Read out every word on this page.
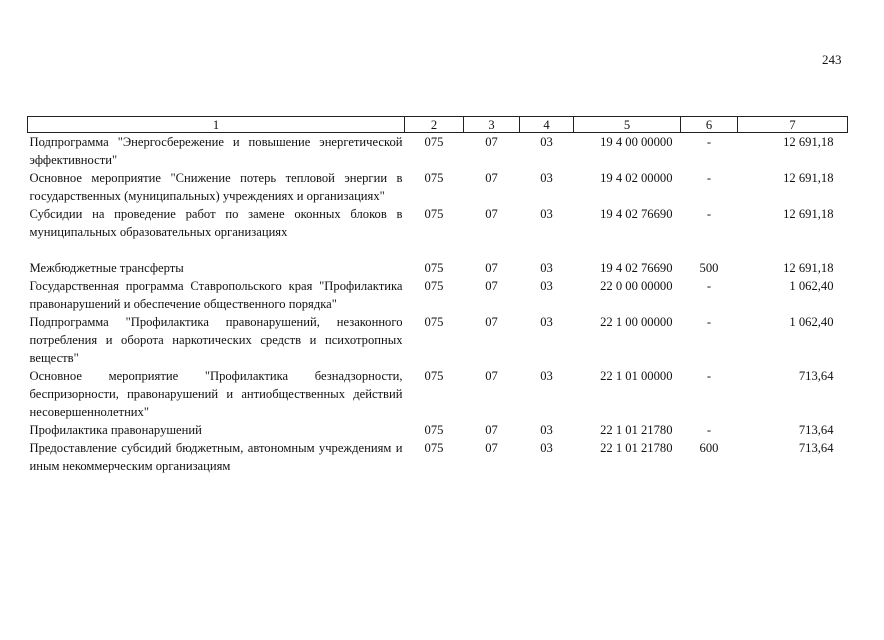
243
1	2	3	4	5	6	7
Подпрограмма "Энергосбережение и повышение энергетической эффективности"	075	07	03	19 4 00 00000	-	12 691,18
Основное мероприятие "Снижение потерь тепловой энергии в государственных (муниципальных) учреждениях и организациях"	075	07	03	19 4 02 00000	-	12 691,18
Субсидии на проведение работ по замене оконных блоков в муниципальных образовательных организациях	075	07	03	19 4 02 76690	-	12 691,18
Межбюджетные трансферты	075	07	03	19 4 02 76690	500	12 691,18
Государственная программа Ставропольского края "Профилактика правонарушений и обеспечение общественного порядка"	075	07	03	22 0 00 00000	-	1 062,40
Подпрограмма "Профилактика правонарушений, незаконного потребления и оборота наркотических средств и психотропных веществ"	075	07	03	22 1 00 00000	-	1 062,40
Основное мероприятие "Профилактика безнадзорности, беспризорности, правонарушений и антиобщественных действий несовершеннолетних"	075	07	03	22 1 01 00000	-	713,64
Профилактика правонарушений	075	07	03	22 1 01 21780	-	713,64
Предоставление субсидий бюджетным, автономным учреждениям и иным некоммерческим организациям	075	07	03	22 1 01 21780	600	713,64
